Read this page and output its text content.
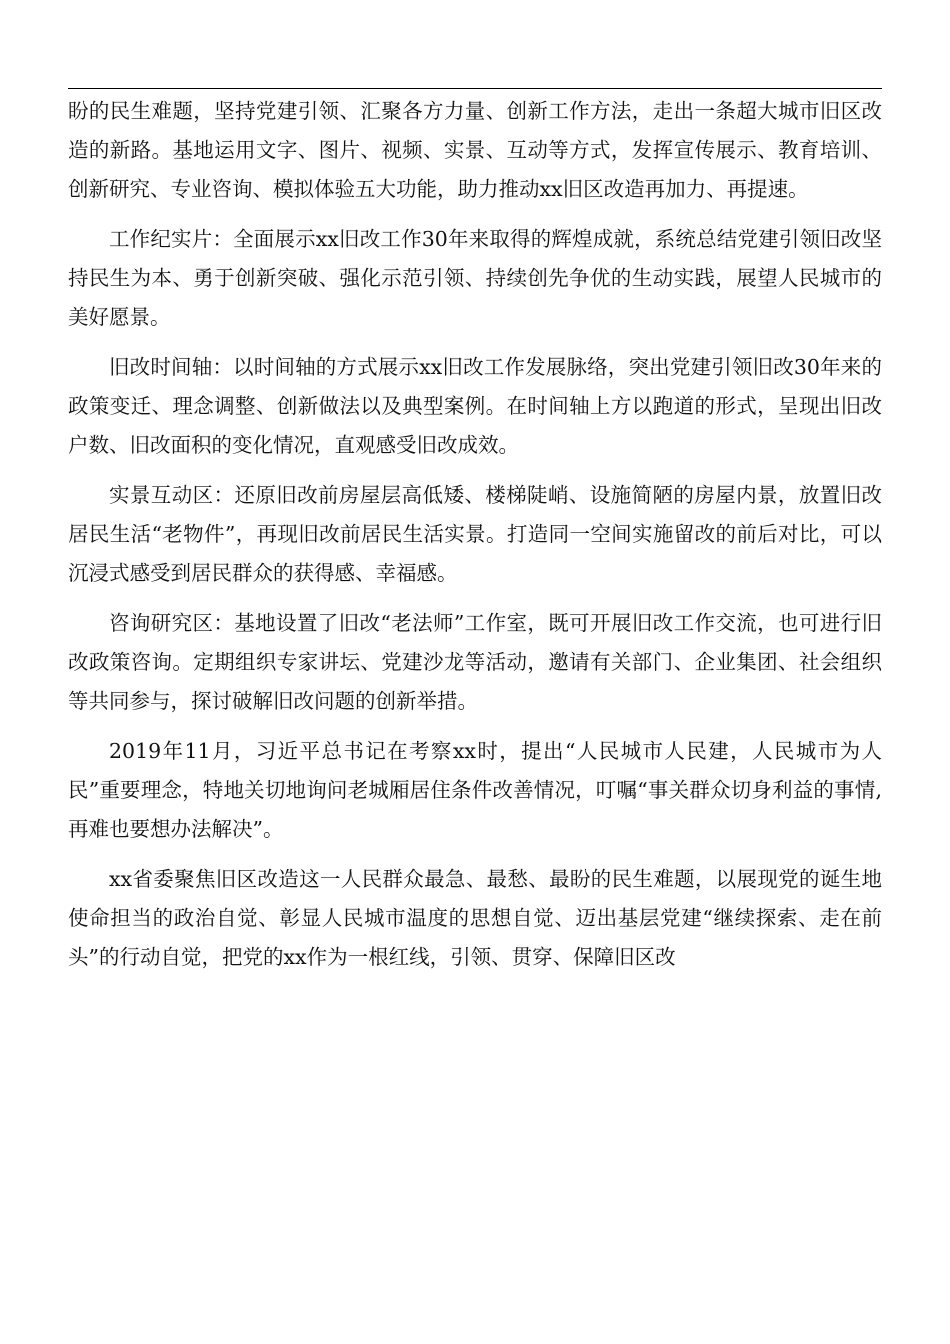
盼的民生难题，坚持党建引领、汇聚各方力量、创新工作方法，走出一条超大城市旧区改造的新路。基地运用文字、图片、视频、实景、互动等方式，发挥宣传展示、教育培训、创新研究、专业咨询、模拟体验五大功能，助力推动xx旧区改造再加力、再提速。

工作纪实片：全面展示xx旧改工作30年来取得的辉煌成就，系统总结党建引领旧改坚持民生为本、勇于创新突破、强化示范引领、持续创先争优的生动实践，展望人民城市的美好愿景。

旧改时间轴：以时间轴的方式展示xx旧改工作发展脉络，突出党建引领旧改30年来的政策变迁、理念调整、创新做法以及典型案例。在时间轴上方以跑道的形式，呈现出旧改户数、旧改面积的变化情况，直观感受旧改成效。

实景互动区：还原旧改前房屋层高低矮、楼梯陡峭、设施简陋的房屋内景，放置旧改居民生活“老物件”，再现旧改前居民生活实景。打造同一空间实施留改的前后对比，可以沉浸式感受到居民群众的获得感、幸福感。

咨询研究区：基地设置了旧改“老法师”工作室，既可开展旧改工作交流，也可进行旧改政策咨询。定期组织专家讲坛、党建沙龙等活动，邀请有关部门、企业集团、社会组织等共同参与，探讨破解旧改问题的创新举措。

2019年11月，习近平总书记在考察xx时，提出“人民城市人民建，人民城市为人民”重要理念，特地关切地询问老城厢居住条件改善情况，叮嘱“事关群众切身利益的事情,再难也要想办法解决”。

xx省委聚焦旧区改造这一人民群众最急、最愁、最盼的民生难题，以展现党的诞生地使命担当的政治自觉、彰显人民城市温度的思想自觉、迈出基层党建“继续探索、走在前头”的行动自觉，把党的xx作为一根红线，引领、贯穿、保障旧区改
